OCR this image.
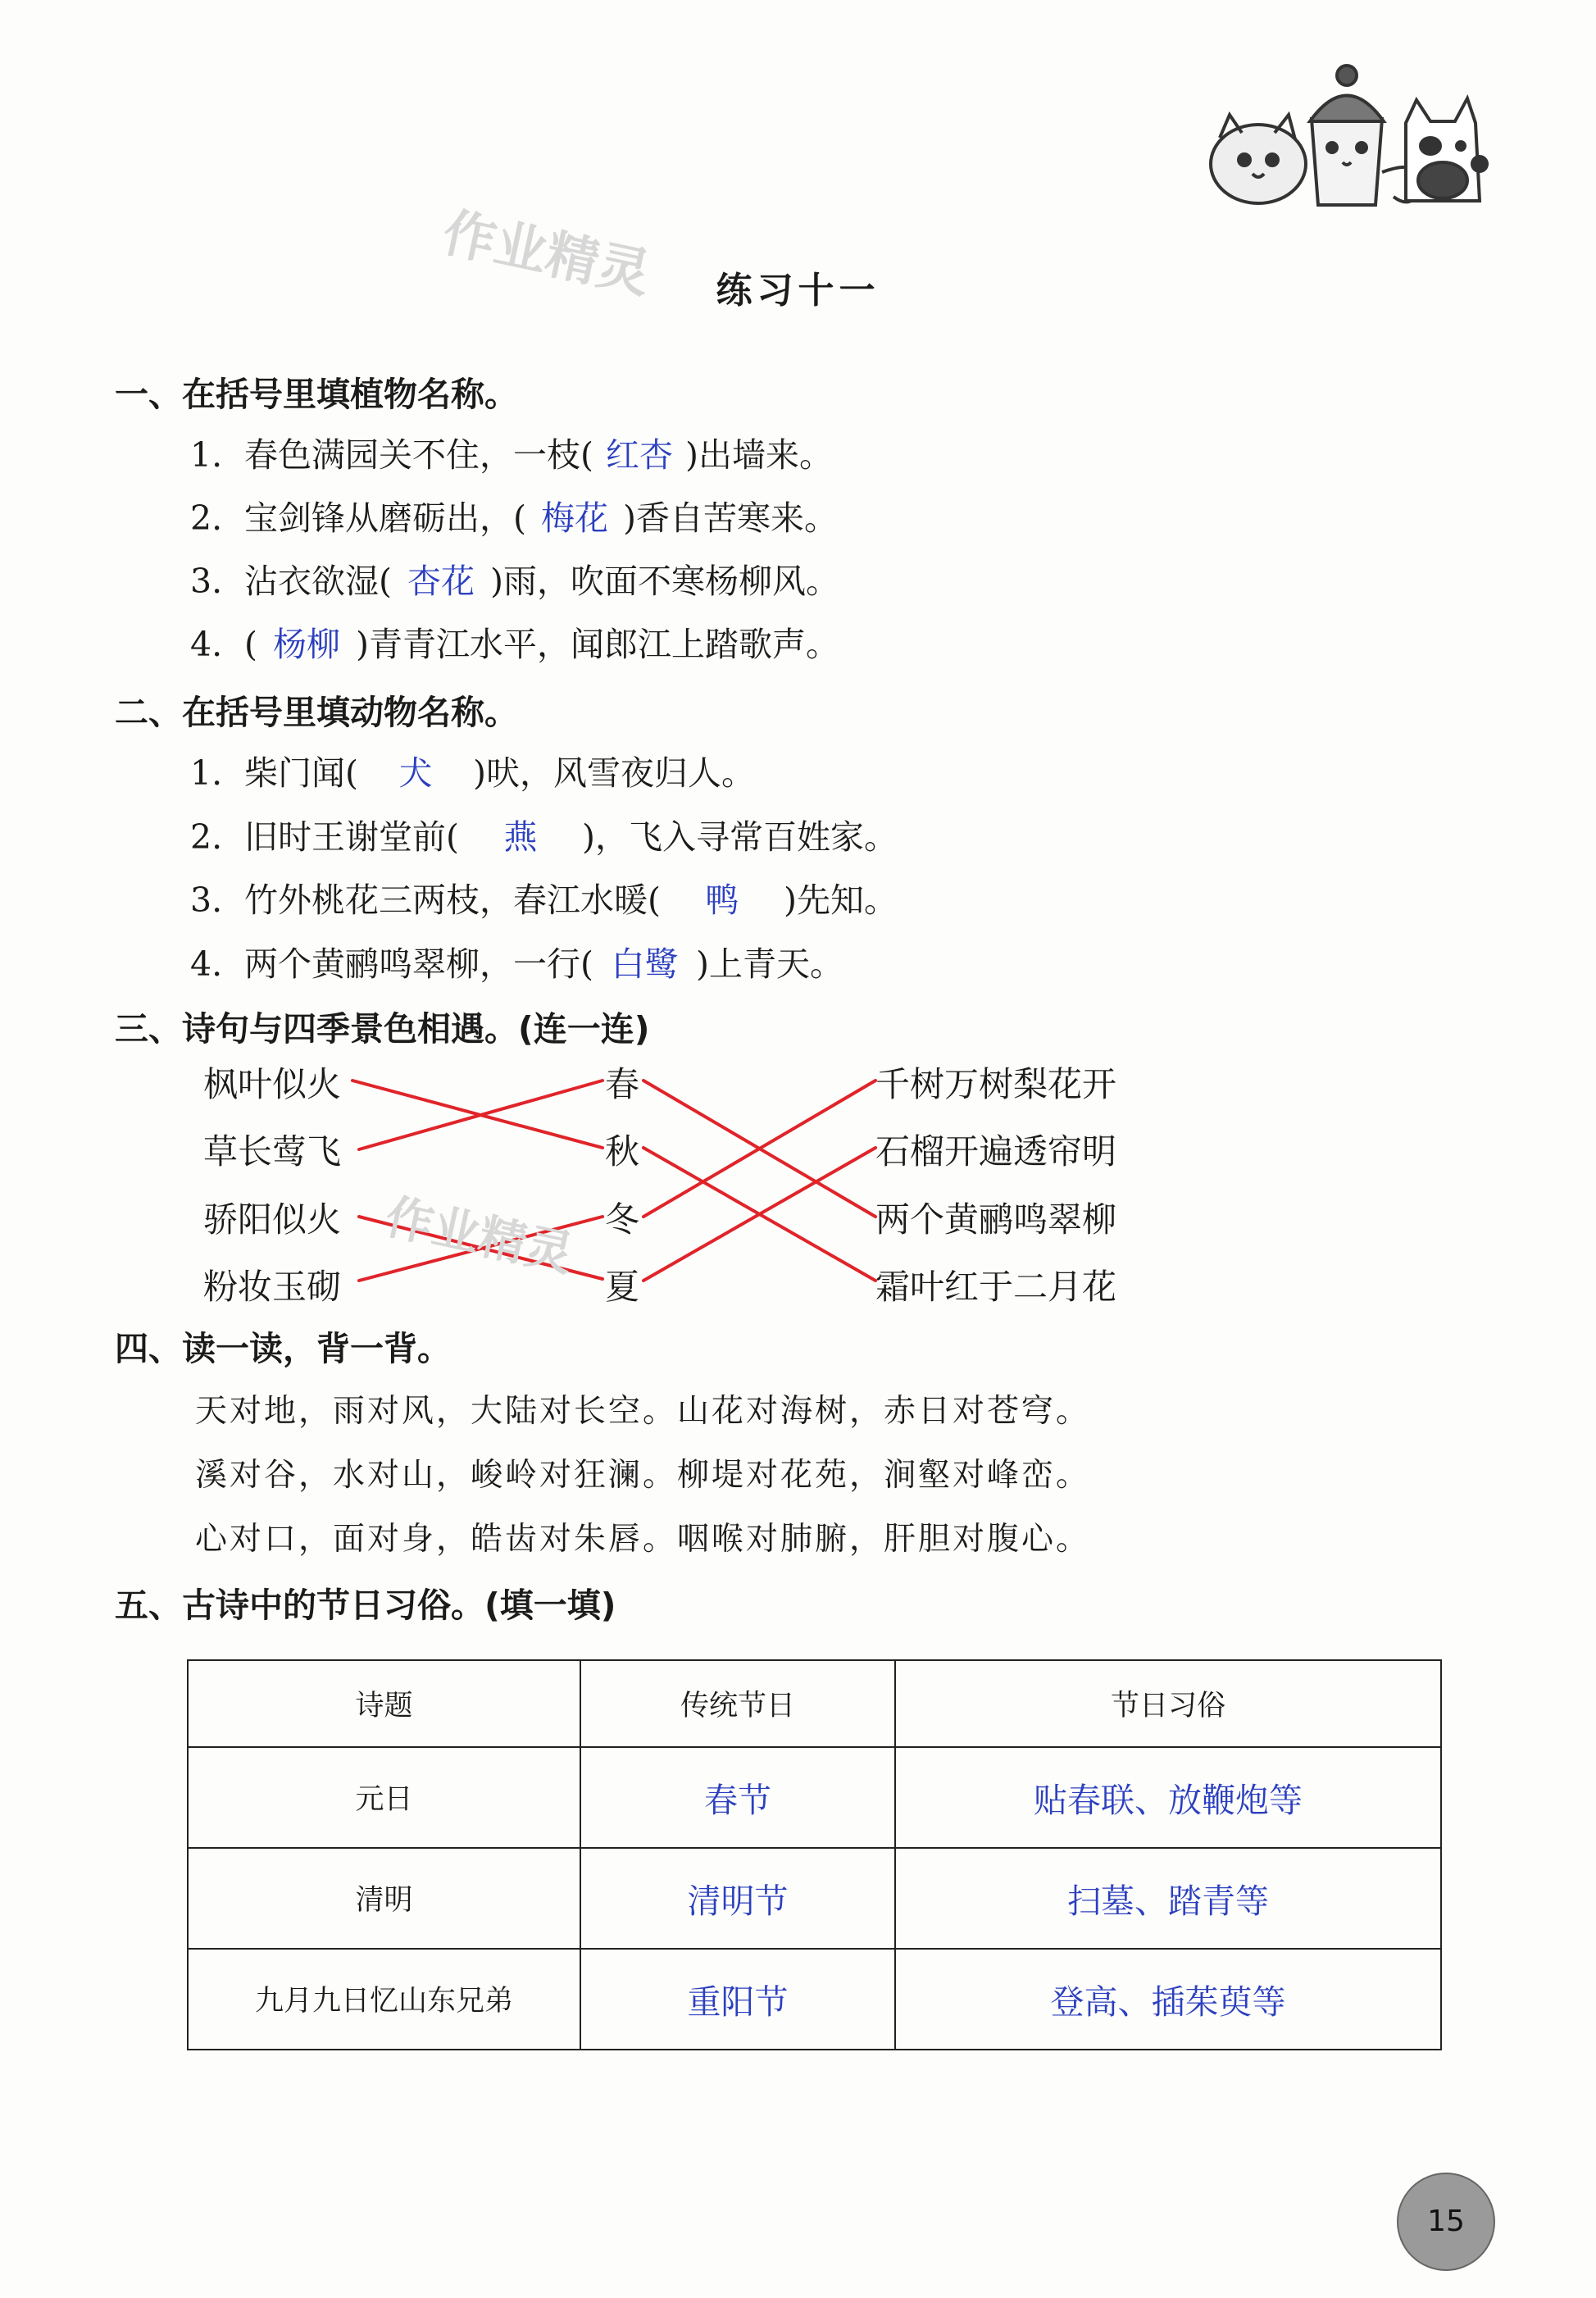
作业精灵	练习十一
一、在括号里填植物名称。
1. 春色满园关不住，一枝( 红杏 )出墙来。
2. 宝剑锋从磨砺出，( 梅花 )香自苦寒来。
3. 沾衣欲湿( 杏花 )雨，吹面不寒杨柳风。
4. ( 杨柳 )青青江水平，闻郎江上踏歌声。
二、在括号里填动物名称。
1. 柴门闻( 犬 )吠，风雪夜归人。
2. 旧时王谢堂前( 燕 )，飞入寻常百姓家。
3. 竹外桃花三两枝，春江水暖( 鸭 )先知。
4. 两个黄鹂鸣翠柳，一行( 白鹭 )上青天。
三、诗句与四季景色相遇。(连一连)
枫叶似火
草长莺飞
骄阳似火
粉妆玉砌
春
秋
冬
夏
千树万树梨花开
石榴开遍透帘明
两个黄鹂鸣翠柳
霜叶红于二月花
作业精灵
四、读一读，背一背。
天对地，雨对风，大陆对长空。山花对海树，赤日对苍穹。
溪对谷，水对山，峻岭对狂澜。柳堤对花苑，涧壑对峰峦。
心对口，面对身，皓齿对朱唇。咽喉对肺腑，肝胆对腹心。
五、古诗中的节日习俗。(填一填)
诗题	传统节日	节日习俗
元日	春节	贴春联、放鞭炮等
清明	清明节	扫墓、踏青等
九月九日忆山东兄弟	重阳节	登高、插茱萸等
15
